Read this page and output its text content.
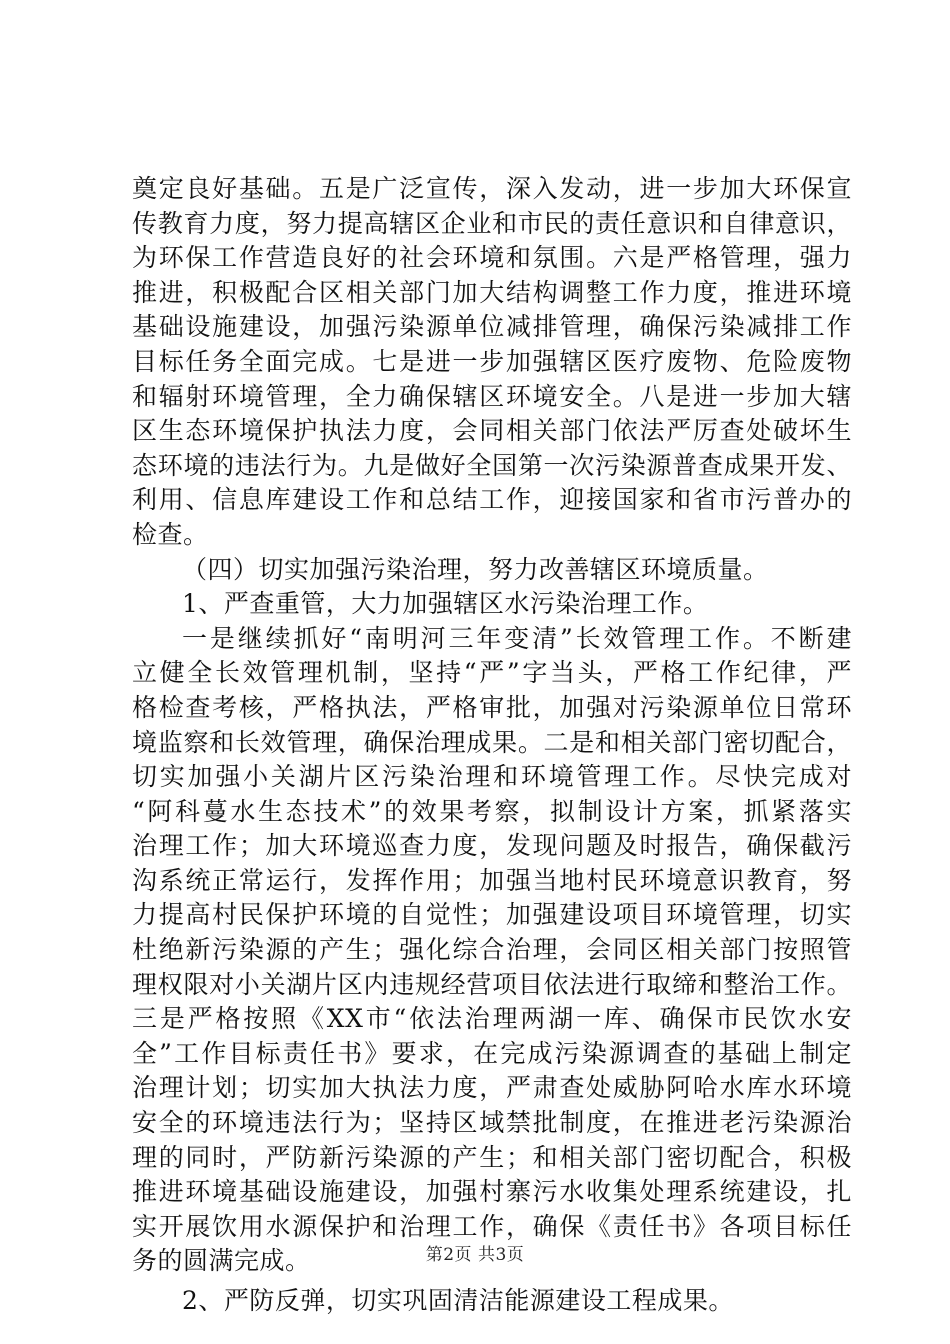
奠定良好基础。五是广泛宣传，深入发动，进一步加大环保宣
传教育力度，努力提高辖区企业和市民的责任意识和自律意识，
为环保工作营造良好的社会环境和氛围。六是严格管理，强力
推进，积极配合区相关部门加大结构调整工作力度，推进环境
基础设施建设，加强污染源单位减排管理，确保污染减排工作
目标任务全面完成。七是进一步加强辖区医疗废物、危险废物
和辐射环境管理，全力确保辖区环境安全。八是进一步加大辖
区生态环境保护执法力度，会同相关部门依法严厉查处破坏生
态环境的违法行为。九是做好全国第一次污染源普查成果开发、
利用、信息库建设工作和总结工作，迎接国家和省市污普办的
检查。
（四）切实加强污染治理，努力改善辖区环境质量。
1、严查重管，大力加强辖区水污染治理工作。
一是继续抓好“南明河三年变清”长效管理工作。不断建
立健全长效管理机制，坚持“严”字当头，严格工作纪律，严
格检查考核，严格执法，严格审批，加强对污染源单位日常环
境监察和长效管理，确保治理成果。二是和相关部门密切配合，
切实加强小关湖片区污染治理和环境管理工作。尽快完成对
“阿科蔓水生态技术”的效果考察，拟制设计方案，抓紧落实
治理工作；加大环境巡查力度，发现问题及时报告，确保截污
沟系统正常运行，发挥作用；加强当地村民环境意识教育，努
力提高村民保护环境的自觉性；加强建设项目环境管理，切实
杜绝新污染源的产生；强化综合治理，会同区相关部门按照管
理权限对小关湖片区内违规经营项目依法进行取缔和整治工作。
三是严格按照《XX市“依法治理两湖一库、确保市民饮水安
全”工作目标责任书》要求，在完成污染源调查的基础上制定
治理计划；切实加大执法力度，严肃查处威胁阿哈水库水环境
安全的环境违法行为；坚持区域禁批制度，在推进老污染源治
理的同时，严防新污染源的产生；和相关部门密切配合，积极
推进环境基础设施建设，加强村寨污水收集处理系统建设，扎
实开展饮用水源保护和治理工作，确保《责任书》各项目标任
务的圆满完成。
2、严防反弹，切实巩固清洁能源建设工程成果。
第2页 共3页
